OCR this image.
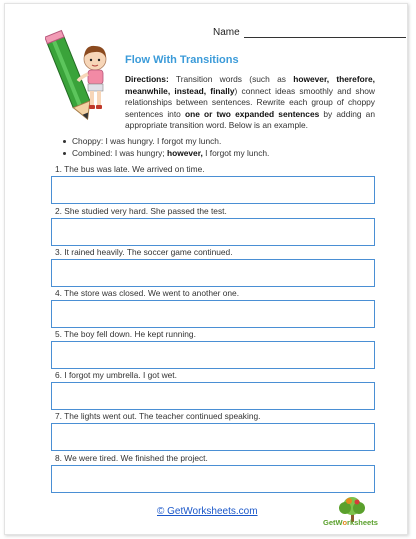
Name
Flow With Transitions
Directions: Transition words (such as however, therefore, meanwhile, instead, finally) connect ideas smoothly and show relationships between sentences. Rewrite each group of choppy sentences into one or two expanded sentences by adding an appropriate transition word. Below is an example.
Choppy: I was hungry. I forgot my lunch.
Combined: I was hungry; however, I forgot my lunch.
1. The bus was late. We arrived on time.
2. She studied very hard. She passed the test.
3. It rained heavily. The soccer game continued.
4. The store was closed. We went to another one.
5. The boy fell down. He kept running.
6. I forgot my umbrella. I got wet.
7. The lights went out. The teacher continued speaking.
8. We were tired. We finished the project.
© GetWorksheets.com
GetWorksheets
